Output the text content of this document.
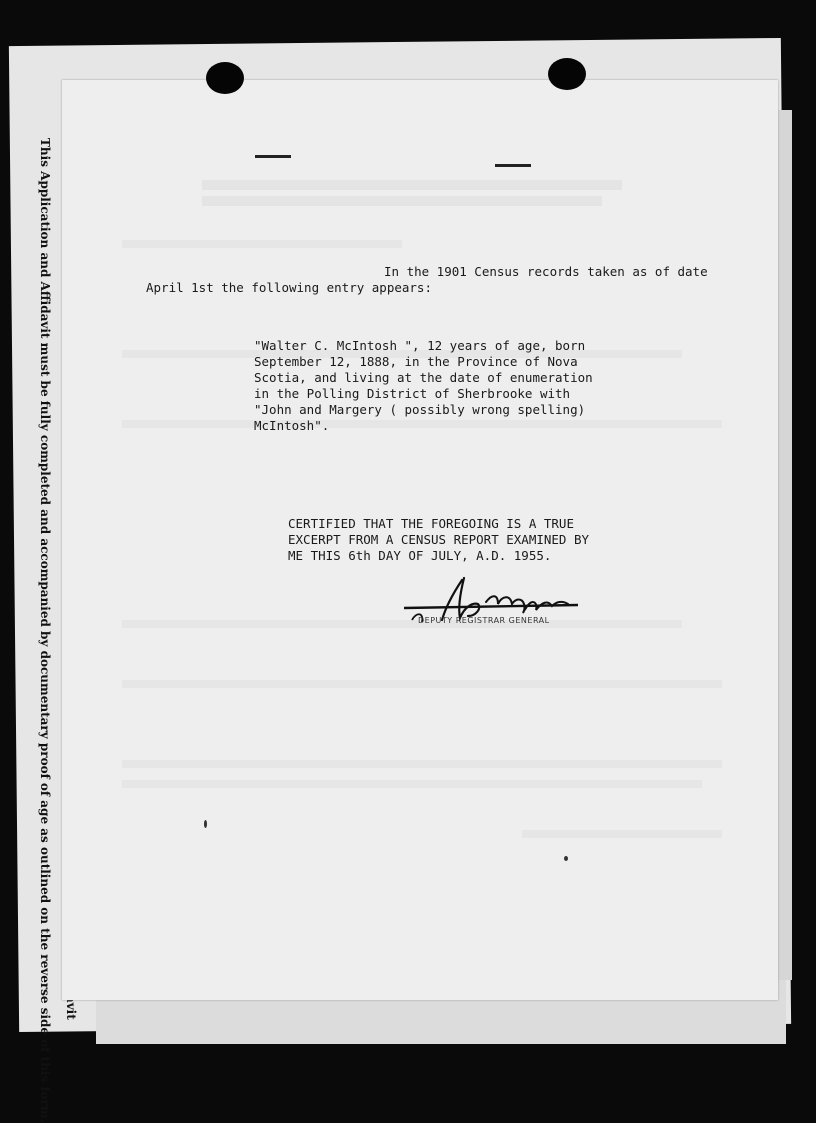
This Application and Affidavit must be fully completed and accompanied by documentary proof of age as outlined on the reverse side of this form.	In the 1901 Census records taken as of date
April 1st the following entry appears:

"Walter C. McIntosh ", 12 years of age, born

September 12, 1888, in the Province of Nova

Scotia, and living at the date of enumeration

in the Polling District of Sherbrooke with

"John and Margery ( possibly wrong spelling)

McIntosh".

CERTIFIED THAT THE FOREGOING IS A TRUE

EXCERPT FROM A CENSUS REPORT EXAMINED BY

ME THIS 6th DAY OF JULY, A.D. 1955.

DEPUTY REGISTRAR GENERAL
